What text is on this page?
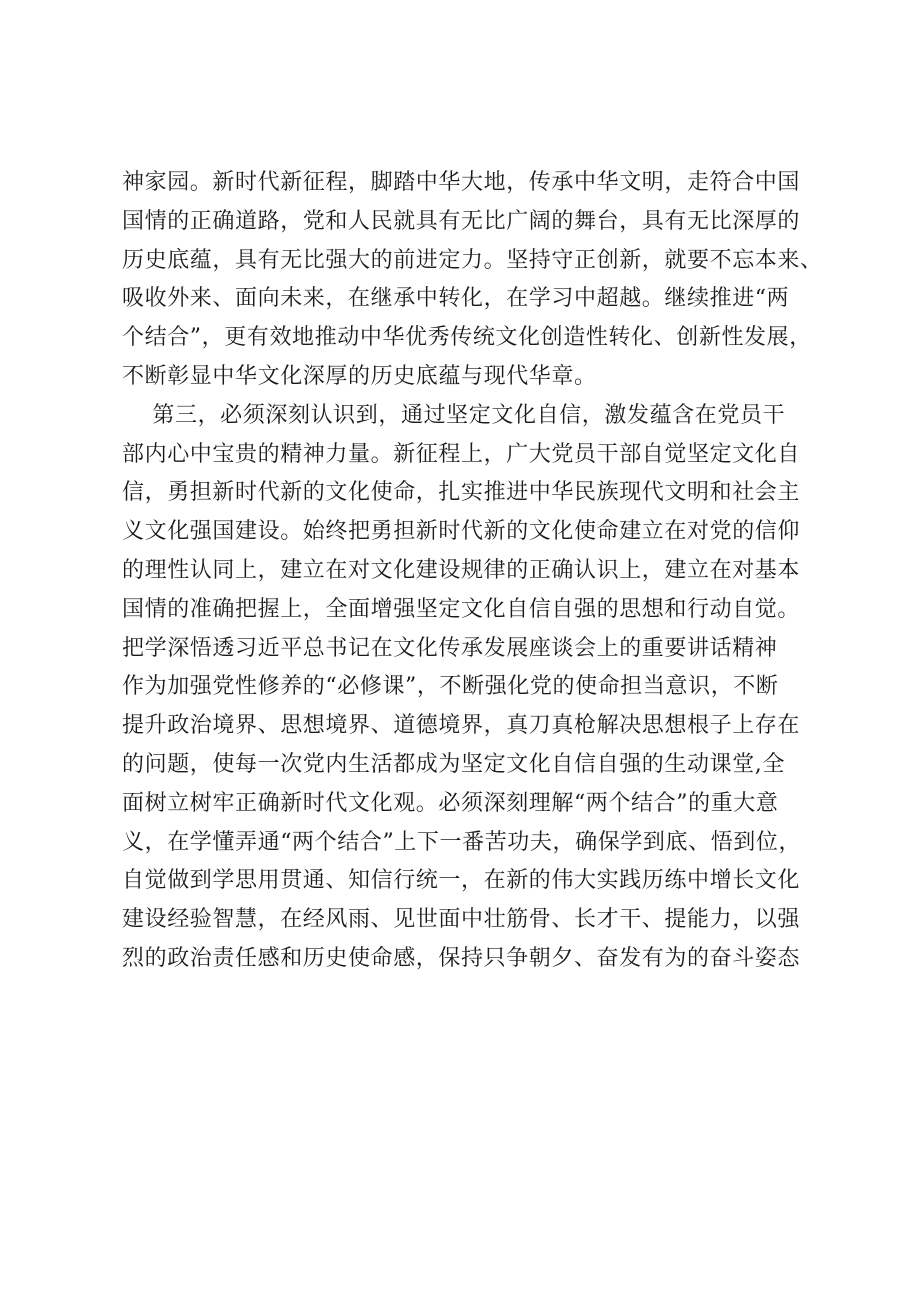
神家园。新时代新征程，脚踏中华大地，传承中华文明，走符合中国
国情的正确道路，党和人民就具有无比广阔的舞台，具有无比深厚的
历史底蕴，具有无比强大的前进定力。坚持守正创新，就要不忘本来、
吸收外来、面向未来，在继承中转化，在学习中超越。继续推进“两
个结合”，更有效地推动中华优秀传统文化创造性转化、创新性发展，
不断彰显中华文化深厚的历史底蕴与现代华章。
第三，必须深刻认识到，通过坚定文化自信，激发蕴含在党员干
部内心中宝贵的精神力量。新征程上，广大党员干部自觉坚定文化自
信，勇担新时代新的文化使命，扎实推进中华民族现代文明和社会主
义文化强国建设。始终把勇担新时代新的文化使命建立在对党的信仰
的理性认同上，建立在对文化建设规律的正确认识上，建立在对基本
国情的准确把握上，全面增强坚定文化自信自强的思想和行动自觉。
把学深悟透习近平总书记在文化传承发展座谈会上的重要讲话精神
作为加强党性修养的“必修课”，不断强化党的使命担当意识，不断
提升政治境界、思想境界、道德境界，真刀真枪解决思想根子上存在
的问题，使每一次党内生活都成为坚定文化自信自强的生动课堂,全
面树立树牢正确新时代文化观。必须深刻理解“两个结合”的重大意
义，在学懂弄通“两个结合”上下一番苦功夫，确保学到底、悟到位，
自觉做到学思用贯通、知信行统一，在新的伟大实践历练中增长文化
建设经验智慧，在经风雨、见世面中壮筋骨、长才干、提能力，以强
烈的政治责任感和历史使命感，保持只争朝夕、奋发有为的奋斗姿态
